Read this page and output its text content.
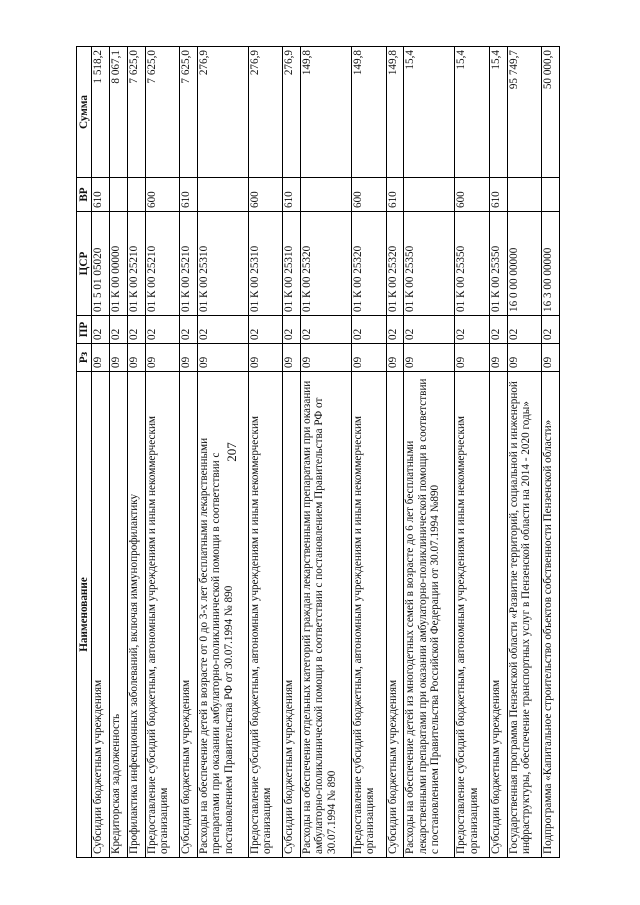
207
Наименование	Рз	ПР	ЦСР	ВР	Сумма
Субсидии бюджетным учреждениям	09	02	01 5 01 05020	610	1 518,2
Кредиторская задолженность	09	02	01 К 00 00000		8 067,1
Профилактика инфекционных заболеваний, включая иммунопрофилактику	09	02	01 К 00 25210		7 625,0
Предоставление субсидий бюджетным, автономным учреждениям и иным некоммерческим организациям	09	02	01 К 00 25210	600	7 625,0
Субсидии бюджетным учреждениям	09	02	01 К 00 25210	610	7 625,0
Расходы на обеспечение детей в возрасте от 0 до 3-х лет бесплатными лекарственными препаратами при оказании амбулаторно-поликлинической помощи в соответствии с постановлением Правительства РФ от 30.07.1994 № 890	09	02	01 К 00 25310		276,9
Предоставление субсидий бюджетным, автономным учреждениям и иным некоммерческим организациям	09	02	01 К 00 25310	600	276,9
Субсидии бюджетным учреждениям	09	02	01 К 00 25310	610	276,9
Расходы на обеспечение отдельных категорий граждан лекарственными препаратами при оказании амбулаторно-поликлинической помощи в соответствии с постановлением Правительства РФ от 30.07.1994 № 890	09	02	01 К 00 25320		149,8
Предоставление субсидий бюджетным, автономным учреждениям и иным некоммерческим организациям	09	02	01 К 00 25320	600	149,8
Субсидии бюджетным учреждениям	09	02	01 К 00 25320	610	149,8
Расходы на обеспечение детей из многодетных семей в возрасте до 6 лет бесплатными лекарственными препаратами при оказании амбулаторно-поликлинической помощи в соответствии с постановлением Правительства Российской Федерации от 30.07.1994 №890	09	02	01 К 00 25350		15,4
Предоставление субсидий бюджетным, автономным учреждениям и иным некоммерческим организациям	09	02	01 К 00 25350	600	15,4
Субсидии бюджетным учреждениям	09	02	01 К 00 25350	610	15,4
Государственная программа Пензенской области «Развитие территорий, социальной и инженерной инфраструктуры, обеспечение транспортных услуг в Пензенской области на 2014 - 2020 годы»	09	02	16 0 00 00000		95 749,7
Подпрограмма «Капитальное строительство объектов собственности Пензенской области»	09	02	16 3 00 00000		50 000,0
